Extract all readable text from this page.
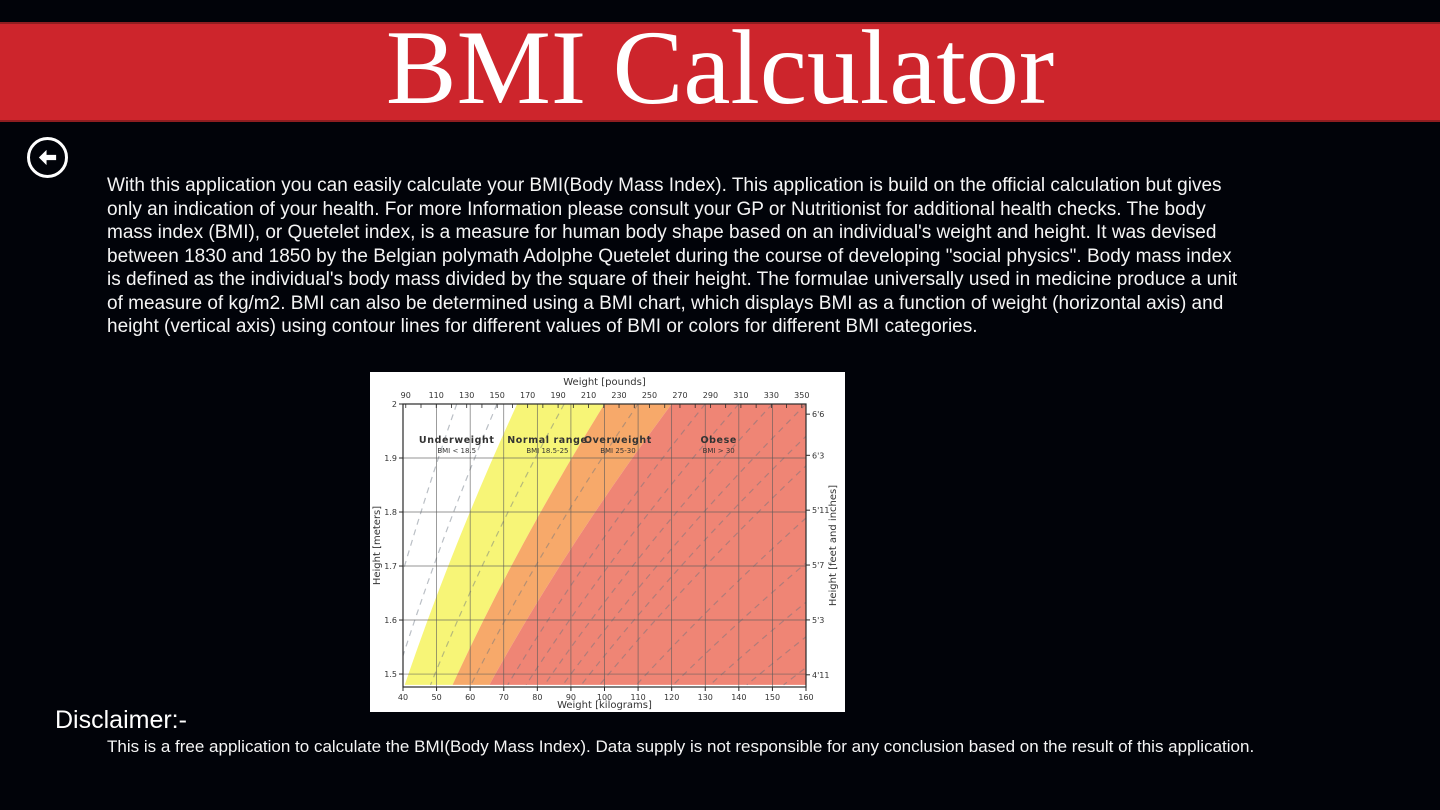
BMI Calculator
With this application you can easily calculate your BMI(Body Mass Index). This application is build on the official calculation but gives only an indication of your health. For more Information please consult your GP or Nutritionist for additional health checks. The body mass index (BMI), or Quetelet index, is a measure for human body shape based on an individual's weight and height. It was devised between 1830 and 1850 by the Belgian polymath Adolphe Quetelet during the course of developing "social physics". Body mass index is defined as the individual's body mass divided by the square of their height. The formulae universally used in medicine produce a unit of measure of kg/m2. BMI can also be determined using a BMI chart, which displays BMI as a function of weight (horizontal axis) and height (vertical axis) using contour lines for different values of BMI or colors for different BMI categories.
Underweight
BMI < 18.5
Normal range
BMI 18.5-25
Overweight
BMI 25-30
Obese
BMI > 30
40	50	60	70	80	90	100 110 120 130 140 150 160
90 110 130 150 170 190 210 230 250 270 290 310 330 350
2
1.9
1.8
1.7
1.6
1.5
6'6
6'3
5'11
5'7
5'3
4'11
Weight [pounds]
Weight [kilograms]
Height [meters]	Height [feet and inches]
Disclaimer:-
This is a free application to calculate the BMI(Body Mass Index). Data supply is not responsible for any conclusion based on the result of this application.
